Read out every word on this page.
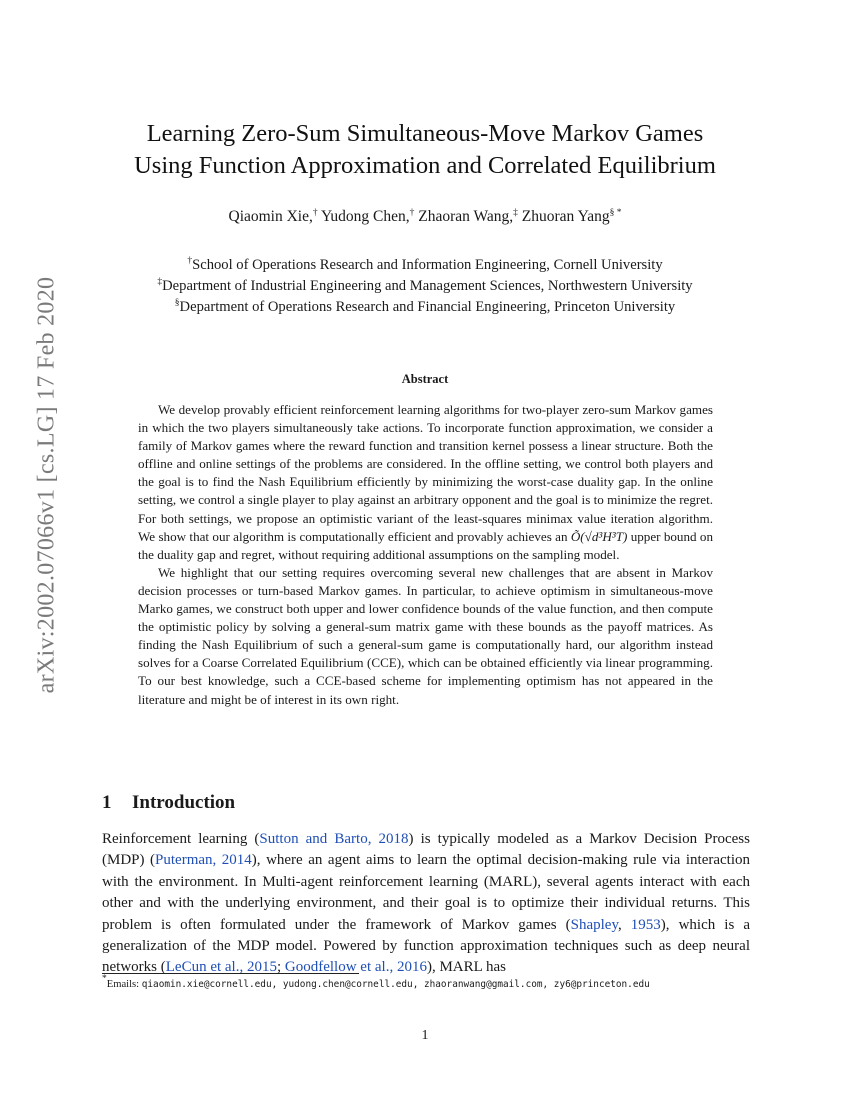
arXiv:2002.07066v1 [cs.LG] 17 Feb 2020
Learning Zero-Sum Simultaneous-Move Markov Games
Using Function Approximation and Correlated Equilibrium
Qiaomin Xie,† Yudong Chen,† Zhaoran Wang,‡ Zhuoran Yang§ *
†School of Operations Research and Information Engineering, Cornell University
‡Department of Industrial Engineering and Management Sciences, Northwestern University
§Department of Operations Research and Financial Engineering, Princeton University
Abstract

We develop provably efficient reinforcement learning algorithms for two-player zero-sum Markov games in which the two players simultaneously take actions. To incorporate function approximation, we consider a family of Markov games where the reward function and transition kernel possess a linear structure. Both the offline and online settings of the problems are considered. In the offline setting, we control both players and the goal is to find the Nash Equilibrium efficiently by minimizing the worst-case duality gap. In the online setting, we control a single player to play against an arbitrary opponent and the goal is to minimize the regret. For both settings, we propose an optimistic variant of the least-squares minimax value iteration algorithm. We show that our algorithm is computationally efficient and provably achieves an Õ(√d³H³T) upper bound on the duality gap and regret, without requiring additional assumptions on the sampling model.

We highlight that our setting requires overcoming several new challenges that are absent in Markov decision processes or turn-based Markov games. In particular, to achieve optimism in simultaneous-move Marko games, we construct both upper and lower confidence bounds of the value function, and then compute the optimistic policy by solving a general-sum matrix game with these bounds as the payoff matrices. As finding the Nash Equilibrium of such a general-sum game is computationally hard, our algorithm instead solves for a Coarse Correlated Equilibrium (CCE), which can be obtained efficiently via linear programming. To our best knowledge, such a CCE-based scheme for implementing optimism has not appeared in the literature and might be of interest in its own right.

1 Introduction

Reinforcement learning (Sutton and Barto, 2018) is typically modeled as a Markov Decision Process (MDP) (Puterman, 2014), where an agent aims to learn the optimal decision-making rule via interaction with the environment. In Multi-agent reinforcement learning (MARL), several agents interact with each other and with the underlying environment, and their goal is to optimize their individual returns. This problem is often formulated under the framework of Markov games (Shapley, 1953), which is a generalization of the MDP model. Powered by function approximation techniques such as deep neural networks (LeCun et al., 2015; Goodfellow et al., 2016), MARL has

*Emails: qiaomin.xie@cornell.edu, yudong.chen@cornell.edu, zhaoranwang@gmail.com, zy6@princeton.edu
1
